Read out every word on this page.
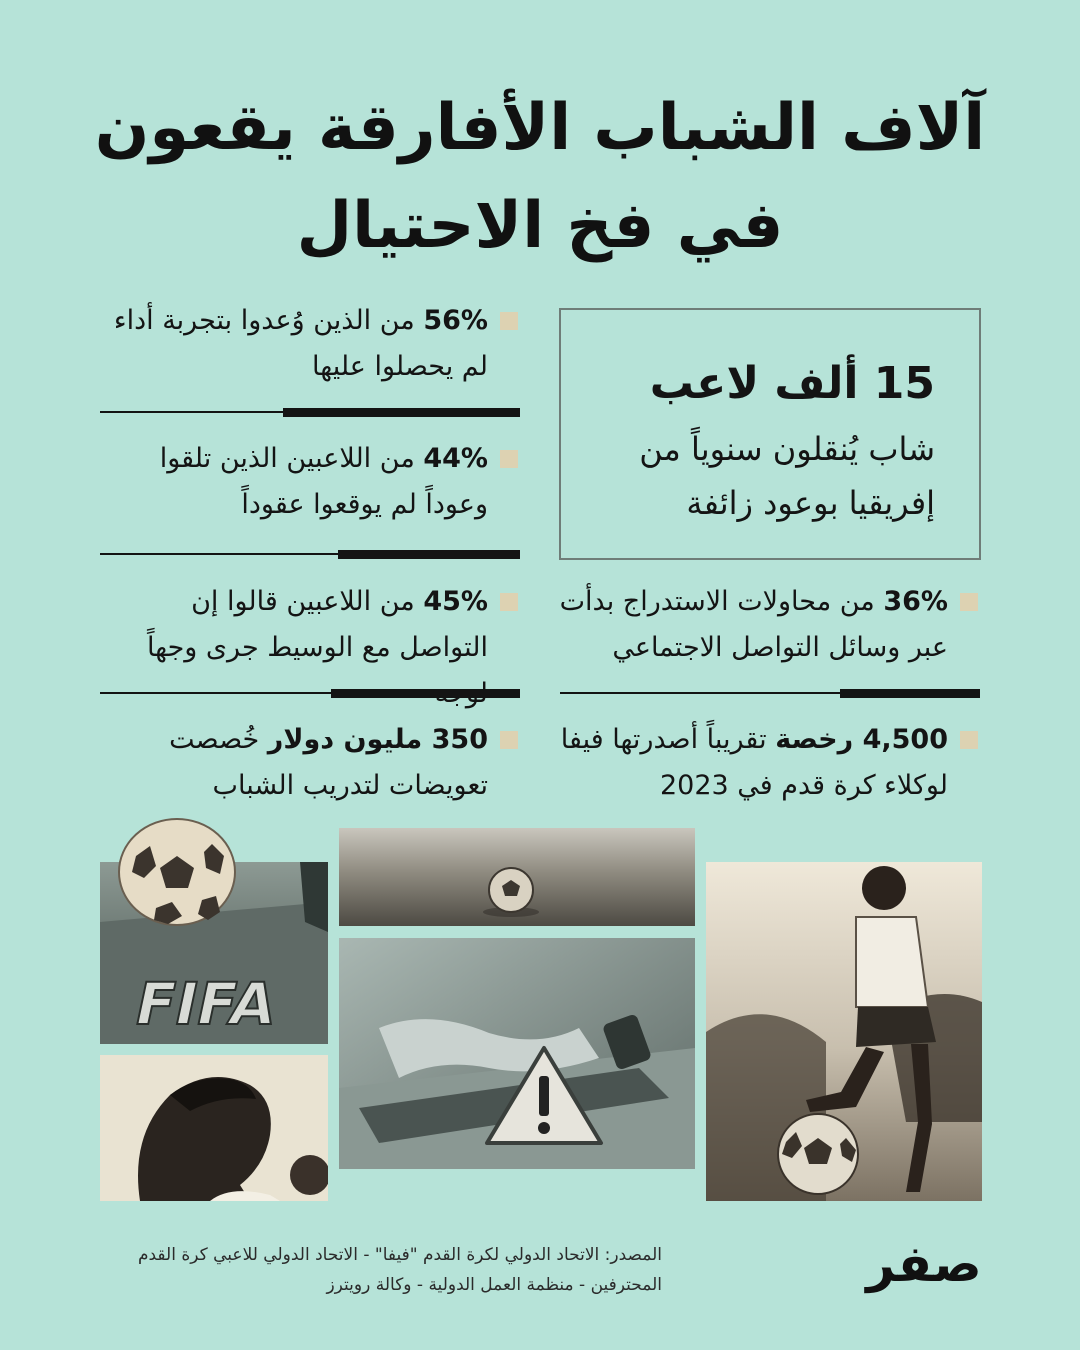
آلاف الشباب الأفارقة يقعون
في فخ الاحتيال
56% من الذين وُعدوا بتجربة أداء لم يحصلوا عليها
44% من اللاعبين الذين تلقوا وعوداً لم يوقعوا عقوداً
45% من اللاعبين قالوا إن التواصل مع الوسيط جرى وجهاً
350 مليون دولار خُصصت تعويضات لتدريب الشباب
15 ألف لاعب
شاب يُنقلون سنوياً من إفريقيا بوعود زائفة
36% من محاولات الاستدراج بدأت عبر وسائل التواصل الاجتماعي
4,500 رخصة تقريباً أصدرتها فيفا لوكلاء كرة قدم في 2023
FIFA
المصدر: الاتحاد الدولي لكرة القدم "فيفا" - الاتحاد الدولي للاعبي كرة القدم المحترفين - منظمة العمل الدولية - وكالة رويترز	صفر
